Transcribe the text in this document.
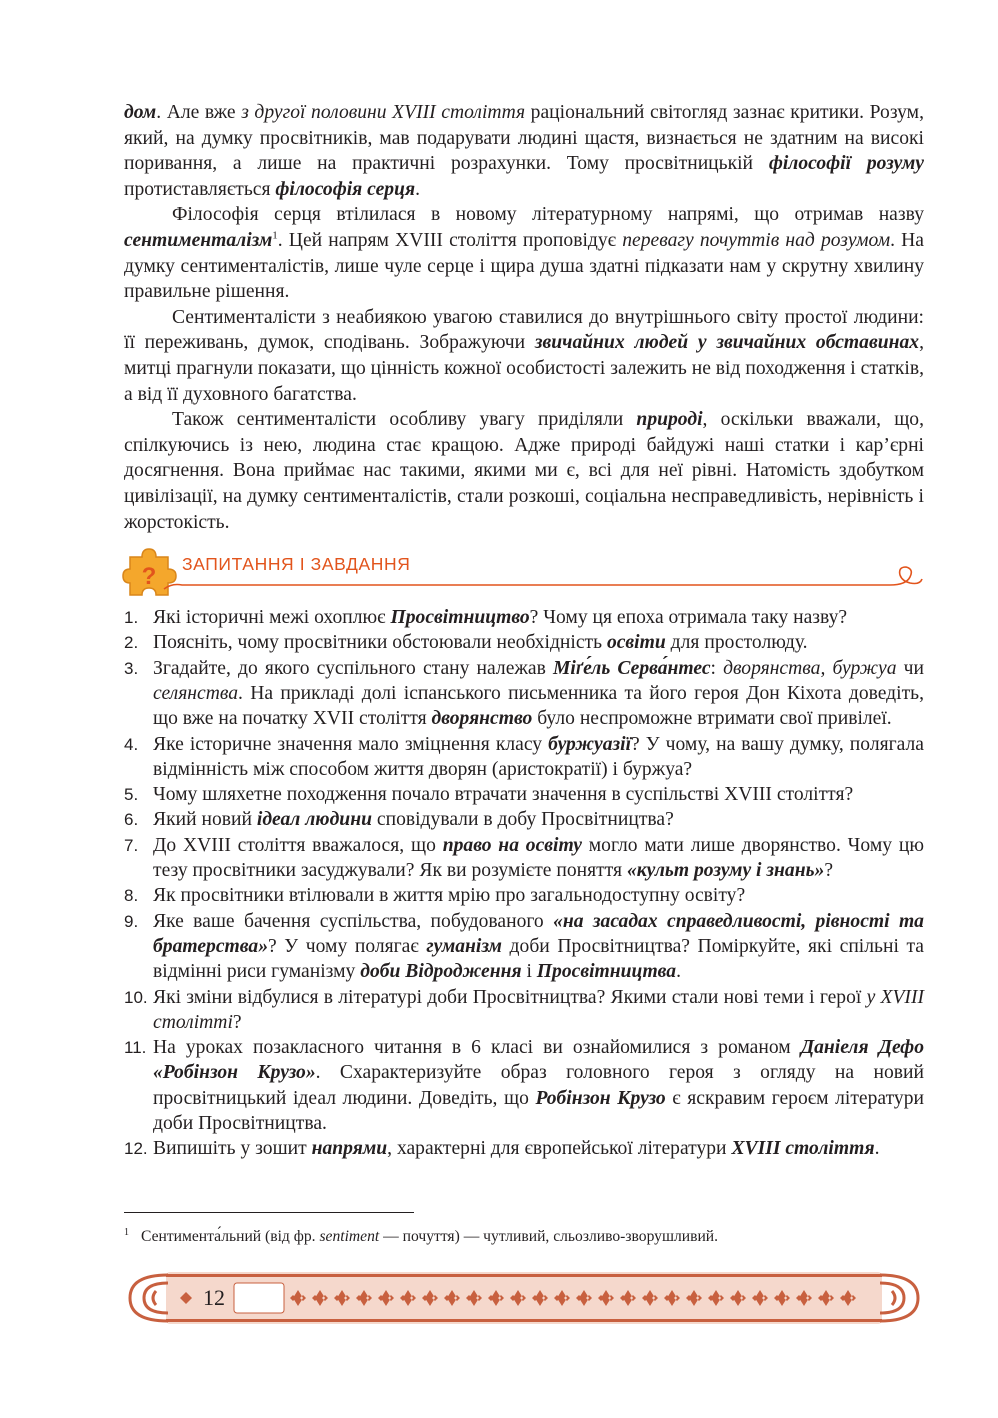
дом. Але вже з другої половини XVIII століття раціональний світогляд зазнає критики. Розум, який, на думку просвітників, мав подарувати людині щастя, визнається не здатним на високі поривання, а лише на практичні розрахунки. Тому просвітницькій філософії розуму протиставляється філософія серця.

Філософія серця втілилася в новому літературному напрямі, що отримав назву сентименталізм$^1$. Цей напрям XVIII століття проповідує перевагу почуттів над розумом. На думку сентименталістів, лише чуле серце і щира душа здатні підказати нам у скрутну хвилину правильне рішення.

Сентименталісти з неабиякою увагою ставилися до внутрішнього світу простої людини: її переживань, думок, сподівань. Зображуючи звичайних людей у звичайних обставинах, митці прагнули показати, що цінність кожної особистості залежить не від походження і статків, а від її духовного багатства.

Також сентименталісти особливу увагу приділяли природі, оскільки вважали, що, спілкуючись із нею, людина стає кращою. Адже природі байдужі наші статки і кар’єрні досягнення. Вона приймає нас такими, якими ми є, всі для неї рівні. Натомість здобутком цивілізації, на думку сентименталістів, стали розкоші, соціальна несправедливість, нерівність і жорстокість.

? ЗАПИТАННЯ І ЗАВДАННЯ
1. Які історичні межі охоплює Просвітництво? Чому ця епоха отримала таку назву?

2. Поясніть, чому просвітники обстоювали необхідність освіти для простолюду.

3. Згадайте, до якого суспільного стану належав Міґе́ль Серва́нтес: дворянства, буржуа чи селянства. На прикладі долі іспанського письменника та його героя Дон Кіхота доведіть, що вже на початку XVII століття дворянство було неспроможне втримати свої привілеї.

4. Яке історичне значення мало зміцнення класу буржуазії? У чому, на вашу думку, полягала відмінність між способом життя дворян (аристократії) і буржуа?

5. Чому шляхетне походження почало втрачати значення в суспільстві XVIII століття?

6. Який новий ідеал людини сповідували в добу Просвітництва?

7. До XVIII століття вважалося, що право на освіту могло мати лише дворянство. Чому цю тезу просвітники засуджували? Як ви розумієте поняття «культ розуму і знань»?

8. Як просвітники втілювали в життя мрію про загальнодоступну освіту?

9. Яке ваше бачення суспільства, побудованого «на засадах справедливості, рівності та братерства»? У чому полягає гуманізм доби Просвітництва? Поміркуйте, які спільні та відмінні риси гуманізму доби Відродження і Просвітництва.

10. Які зміни відбулися в літературі доби Просвітництва? Якими стали нові теми і герої у XVIII столітті?

11. На уроках позакласного читання в 6 класі ви ознайомилися з романом Даніеля Дефо «Робінзон Крузо». Схарактеризуйте образ головного героя з огляду на новий просвітницький ідеал людини. Доведіть, що Робінзон Крузо є яскравим героєм літератури доби Просвітництва.

12. Випишіть у зошит напрями, характерні для європейської літератури XVIII століття.

$^1$ Сентимента́льний (від фр. sentiment — почуття) — чутливий, сльозливо-зворушливий.
12
